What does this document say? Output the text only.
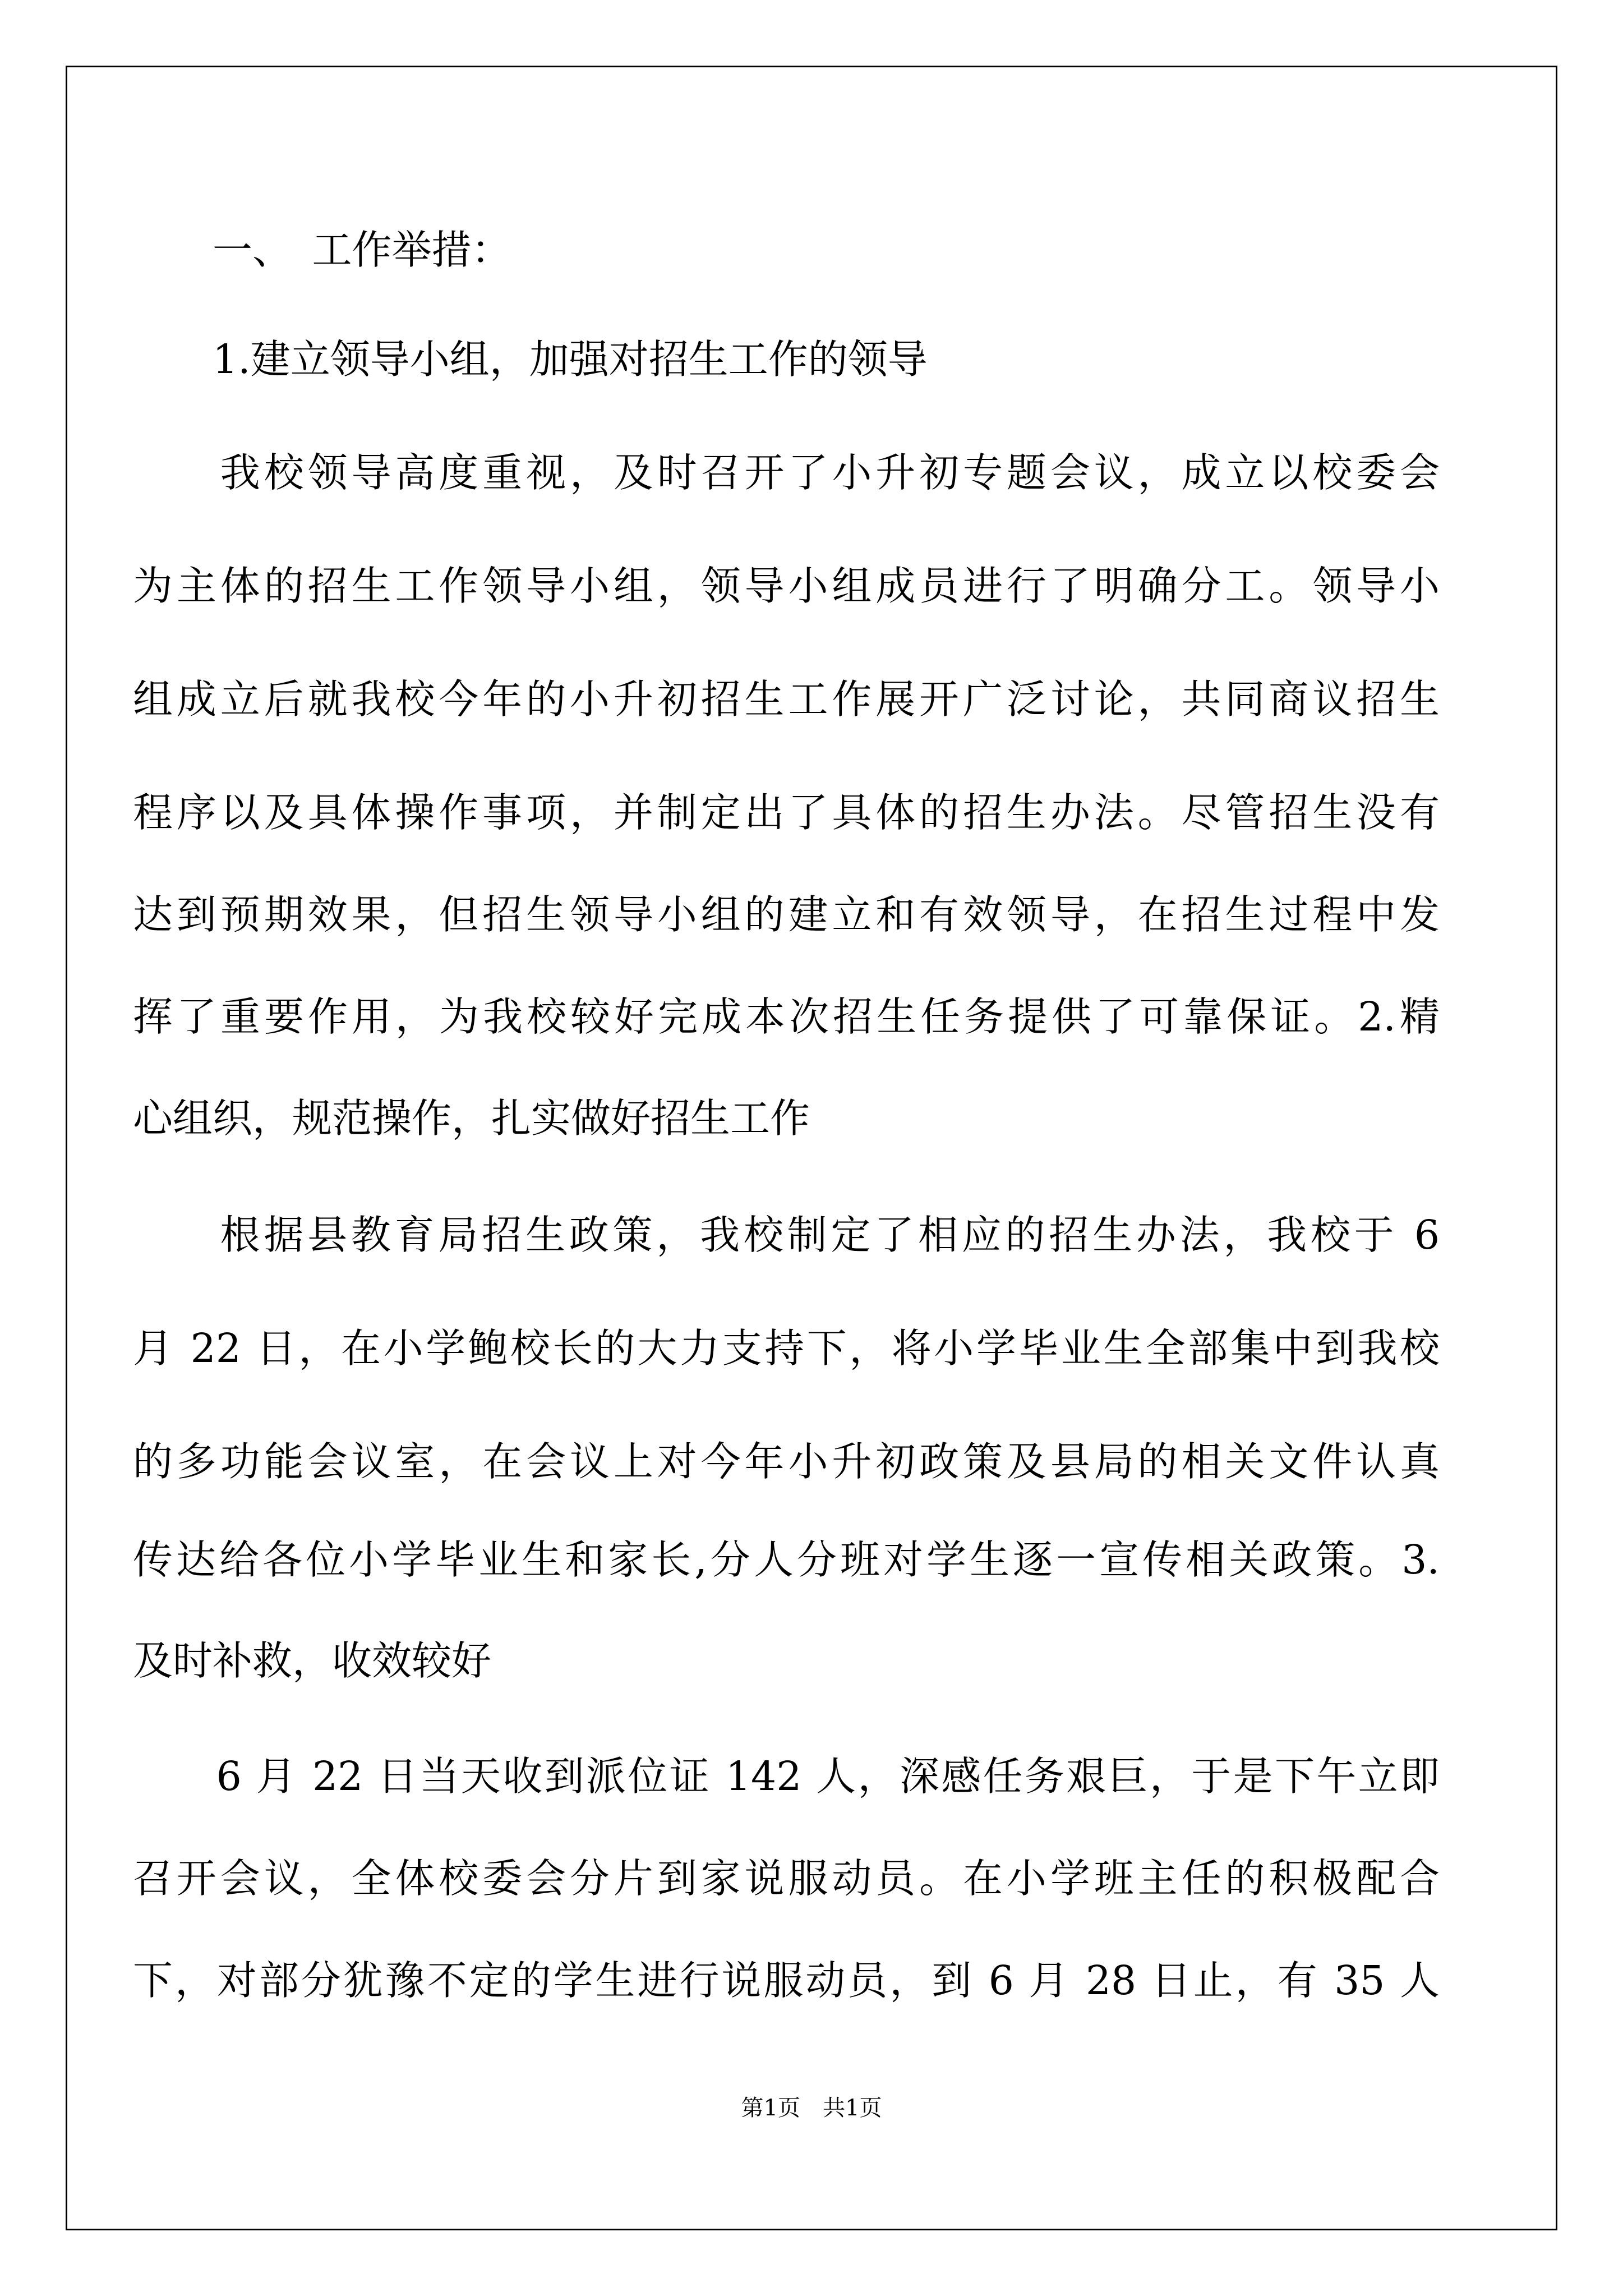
　　一、　工作举措：
　　1.建立领导小组，加强对招生工作的领导
　　我校领导高度重视，及时召开了小升初专题会议，成立以校委会
为主体的招生工作领导小组，领导小组成员进行了明确分工。领导小
组成立后就我校今年的小升初招生工作展开广泛讨论，共同商议招生
程序以及具体操作事项，并制定出了具体的招生办法。尽管招生没有
达到预期效果，但招生领导小组的建立和有效领导，在招生过程中发
挥了重要作用，为我校较好完成本次招生任务提供了可靠保证。2.精
心组织，规范操作，扎实做好招生工作
　　根据县教育局招生政策，我校制定了相应的招生办法，我校于 6
月 22 日，在小学鲍校长的大力支持下，将小学毕业生全部集中到我校
的多功能会议室，在会议上对今年小升初政策及县局的相关文件认真
传达给各位小学毕业生和家长,分人分班对学生逐一宣传相关政策。3.
及时补救，收效较好
　　6 月 22 日当天收到派位证 142 人，深感任务艰巨，于是下午立即
召开会议，全体校委会分片到家说服动员。在小学班主任的积极配合
下，对部分犹豫不定的学生进行说服动员，到 6 月 28 日止，有 35 人
第1页　共1页
